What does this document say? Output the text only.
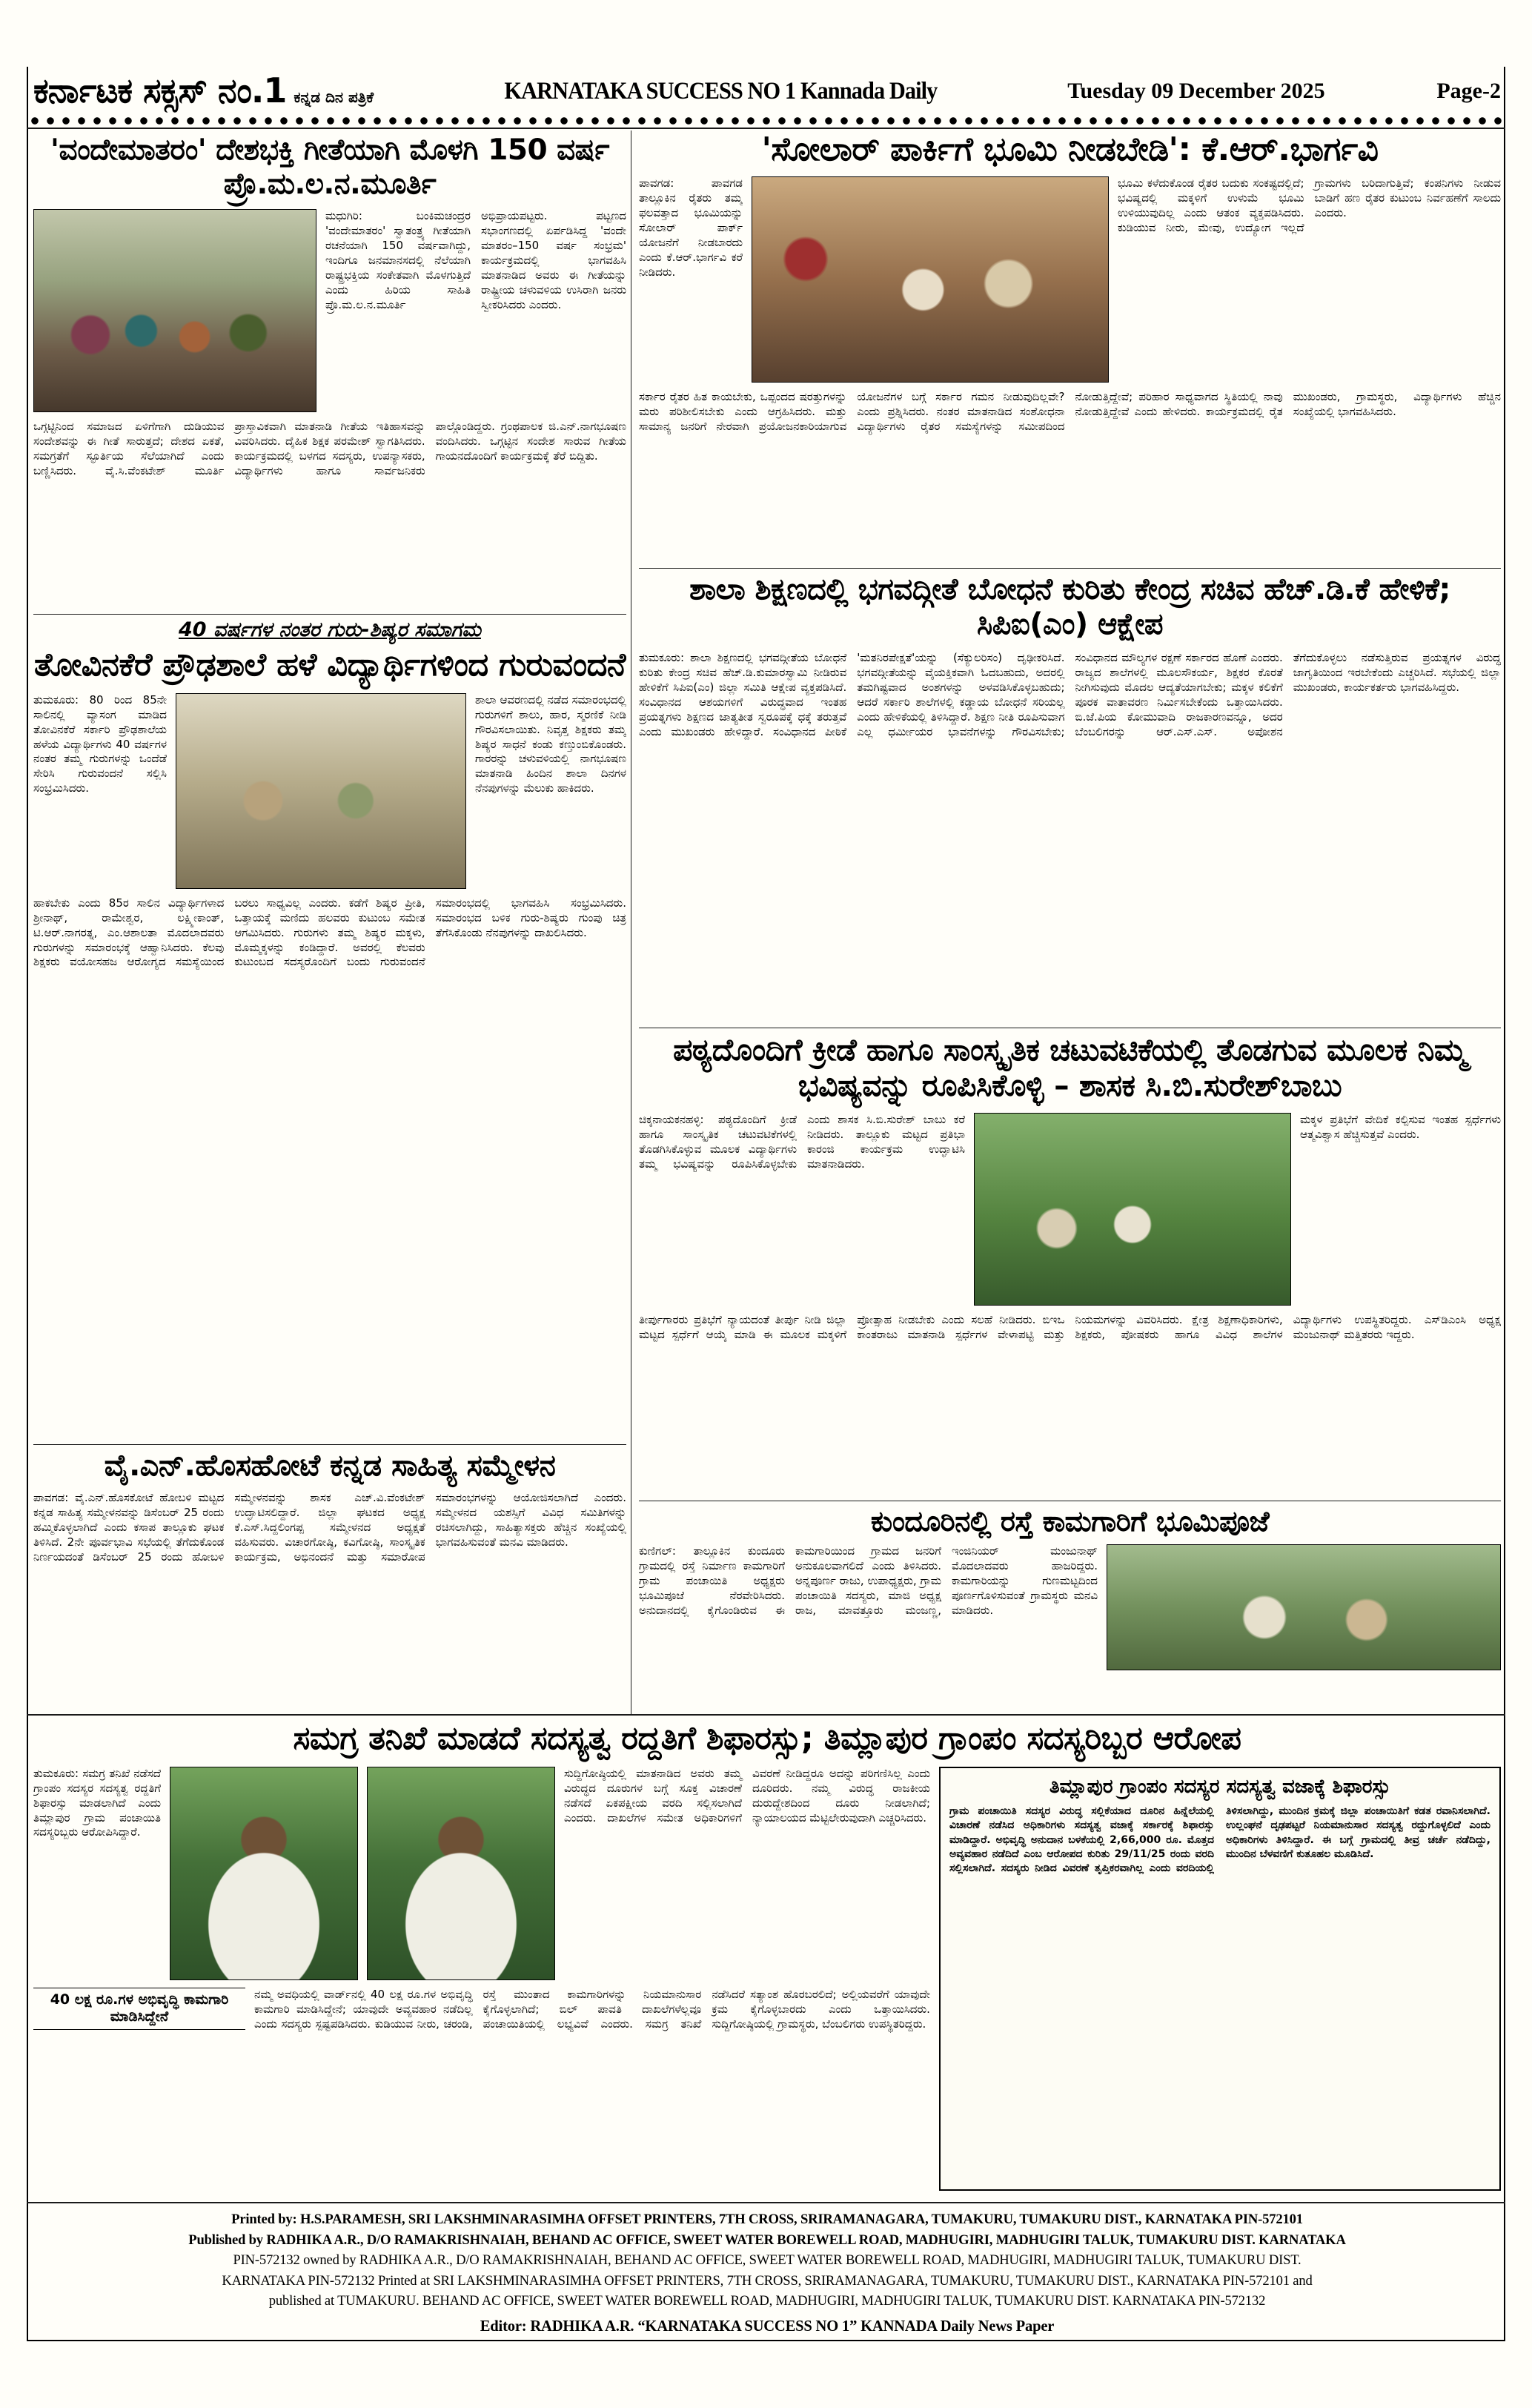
ಕರ್ನಾಟಕ ಸಕ್ಸಸ್ ನಂ.1 ಕನ್ನಡ ದಿನ ಪತ್ರಿಕೆ	KARNATAKA SUCCESS NO 1 Kannada Daily	Tuesday 09 December 2025	Page-2
'ವಂದೇಮಾತರಂ' ದೇಶಭಕ್ತಿ ಗೀತೆಯಾಗಿ ಮೊಳಗಿ 150 ವರ್ಷ ಪ್ರೊ.ಮ.ಲ.ನ.ಮೂರ್ತಿ
ಮಧುಗಿರಿ: ಬಂಕಿಮಚಂದ್ರರ 'ವಂದೇಮಾತರಂ' ಸ್ವಾತಂತ್ರ್ಯ ಗೀತೆಯಾಗಿ ರಚನೆಯಾಗಿ 150 ವರ್ಷವಾಗಿದ್ದು, ಇಂದಿಗೂ ಜನಮಾನಸದಲ್ಲಿ ನೆಲೆಯಾಗಿ ರಾಷ್ಟ್ರಭಕ್ತಿಯ ಸಂಕೇತವಾಗಿ ಮೊಳಗುತ್ತಿದೆ ಎಂದು ಹಿರಿಯ ಸಾಹಿತಿ ಪ್ರೊ.ಮ.ಲ.ನ.ಮೂರ್ತಿ ಅಭಿಪ್ರಾಯಪಟ್ಟರು. ಪಟ್ಟಣದ ಸಭಾಂಗಣದಲ್ಲಿ ಏರ್ಪಡಿಸಿದ್ದ 'ವಂದೇ ಮಾತರಂ–150 ವರ್ಷ ಸಂಭ್ರಮ' ಕಾರ್ಯಕ್ರಮದಲ್ಲಿ ಭಾಗವಹಿಸಿ ಮಾತನಾಡಿದ ಅವರು ಈ ಗೀತೆಯನ್ನು ರಾಷ್ಟ್ರೀಯ ಚಳುವಳಿಯ ಉಸಿರಾಗಿ ಜನರು ಸ್ವೀಕರಿಸಿದರು ಎಂದರು.
ಒಗ್ಗಟ್ಟಿನಿಂದ ಸಮಾಜದ ಏಳಿಗೆಗಾಗಿ ದುಡಿಯುವ ಸಂದೇಶವನ್ನು ಈ ಗೀತೆ ಸಾರುತ್ತದೆ; ದೇಶದ ಏಕತೆ, ಸಮಗ್ರತೆಗೆ ಸ್ಫೂರ್ತಿಯ ಸೆಲೆಯಾಗಿದೆ ಎಂದು ಬಣ್ಣಿಸಿದರು. ವೈ.ಸಿ.ವೆಂಕಟೇಶ್ ಮೂರ್ತಿ ಪ್ರಾಸ್ತಾವಿಕವಾಗಿ ಮಾತನಾಡಿ ಗೀತೆಯ ಇತಿಹಾಸವನ್ನು ವಿವರಿಸಿದರು. ದೈಹಿಕ ಶಿಕ್ಷಕ ಪರಮೇಶ್ ಸ್ವಾಗತಿಸಿದರು. ಕಾರ್ಯಕ್ರಮದಲ್ಲಿ ಬಳಗದ ಸದಸ್ಯರು, ಉಪನ್ಯಾಸಕರು, ವಿದ್ಯಾರ್ಥಿಗಳು ಹಾಗೂ ಸಾರ್ವಜನಿಕರು ಪಾಲ್ಗೊಂಡಿದ್ದರು. ಗ್ರಂಥಪಾಲಕ ಜಿ.ಎನ್.ನಾಗಭೂಷಣ ವಂದಿಸಿದರು. ಒಗ್ಗಟ್ಟಿನ ಸಂದೇಶ ಸಾರುವ ಗೀತೆಯ ಗಾಯನದೊಂದಿಗೆ ಕಾರ್ಯಕ್ರಮಕ್ಕೆ ತೆರೆ ಬಿದ್ದಿತು.
'ಸೋಲಾರ್ ಪಾರ್ಕಿಗೆ ಭೂಮಿ ನೀಡಬೇಡಿ': ಕೆ.ಆರ್.ಭಾರ್ಗವಿ
ಪಾವಗಡ: ಪಾವಗಡ ತಾಲ್ಲೂಕಿನ ರೈತರು ತಮ್ಮ ಫಲವತ್ತಾದ ಭೂಮಿಯನ್ನು ಸೋಲಾರ್ ಪಾರ್ಕ್ ಯೋಜನೆಗೆ ನೀಡಬಾರದು ಎಂದು ಕೆ.ಆರ್.ಭಾರ್ಗವಿ ಕರೆ ನೀಡಿದರು.
ಭೂಮಿ ಕಳೆದುಕೊಂಡ ರೈತರ ಬದುಕು ಸಂಕಷ್ಟದಲ್ಲಿದೆ; ಭವಿಷ್ಯದಲ್ಲಿ ಮಕ್ಕಳಿಗೆ ಉಳುಮೆ ಭೂಮಿ ಉಳಿಯುವುದಿಲ್ಲ ಎಂದು ಆತಂಕ ವ್ಯಕ್ತಪಡಿಸಿದರು. ಕುಡಿಯುವ ನೀರು, ಮೇವು, ಉದ್ಯೋಗ ಇಲ್ಲದೆ ಗ್ರಾಮಗಳು ಬರಿದಾಗುತ್ತಿವೆ; ಕಂಪನಿಗಳು ನೀಡುವ ಬಾಡಿಗೆ ಹಣ ರೈತರ ಕುಟುಂಬ ನಿರ್ವಹಣೆಗೆ ಸಾಲದು ಎಂದರು.
ಸರ್ಕಾರ ರೈತರ ಹಿತ ಕಾಯಬೇಕು, ಒಪ್ಪಂದದ ಷರತ್ತುಗಳನ್ನು ಮರು ಪರಿಶೀಲಿಸಬೇಕು ಎಂದು ಆಗ್ರಹಿಸಿದರು. ಮತ್ತು ಸಾಮಾನ್ಯ ಜನರಿಗೆ ನೇರವಾಗಿ ಪ್ರಯೋಜನಕಾರಿಯಾಗುವ ಯೋಜನೆಗಳ ಬಗ್ಗೆ ಸರ್ಕಾರ ಗಮನ ನೀಡುವುದಿಲ್ಲವೇ? ಎಂದು ಪ್ರಶ್ನಿಸಿದರು. ನಂತರ ಮಾತನಾಡಿದ ಸಂಶೋಧನಾ ವಿದ್ಯಾರ್ಥಿಗಳು ರೈತರ ಸಮಸ್ಯೆಗಳನ್ನು ಸಮೀಪದಿಂದ ನೋಡುತ್ತಿದ್ದೇವೆ; ಪರಿಹಾರ ಸಾಧ್ಯವಾಗದ ಸ್ಥಿತಿಯಲ್ಲಿ ನಾವು ನೋಡುತ್ತಿದ್ದೇವೆ ಎಂದು ಹೇಳಿದರು. ಕಾರ್ಯಕ್ರಮದಲ್ಲಿ ರೈತ ಮುಖಂಡರು, ಗ್ರಾಮಸ್ಥರು, ವಿದ್ಯಾರ್ಥಿಗಳು ಹೆಚ್ಚಿನ ಸಂಖ್ಯೆಯಲ್ಲಿ ಭಾಗವಹಿಸಿದರು.
ಶಾಲಾ ಶಿಕ್ಷಣದಲ್ಲಿ ಭಗವದ್ಗೀತೆ ಬೋಧನೆ ಕುರಿತು ಕೇಂದ್ರ ಸಚಿವ ಹೆಚ್.ಡಿ.ಕೆ ಹೇಳಿಕೆ; ಸಿಪಿಐ(ಎಂ) ಆಕ್ಷೇಪ
ತುಮಕೂರು: ಶಾಲಾ ಶಿಕ್ಷಣದಲ್ಲಿ ಭಗವದ್ಗೀತೆಯ ಬೋಧನೆ ಕುರಿತು ಕೇಂದ್ರ ಸಚಿವ ಹೆಚ್.ಡಿ.ಕುಮಾರಸ್ವಾಮಿ ನೀಡಿರುವ ಹೇಳಿಕೆಗೆ ಸಿಪಿಐ(ಎಂ) ಜಿಲ್ಲಾ ಸಮಿತಿ ಆಕ್ಷೇಪ ವ್ಯಕ್ತಪಡಿಸಿದೆ. ಸಂವಿಧಾನದ ಆಶಯಗಳಿಗೆ ವಿರುದ್ಧವಾದ ಇಂತಹ ಪ್ರಯತ್ನಗಳು ಶಿಕ್ಷಣದ ಜಾತ್ಯತೀತ ಸ್ವರೂಪಕ್ಕೆ ಧಕ್ಕೆ ತರುತ್ತವೆ ಎಂದು ಮುಖಂಡರು ಹೇಳಿದ್ದಾರೆ. ಸಂವಿಧಾನದ ಪೀಠಿಕೆ 'ಮತನಿರಪೇಕ್ಷತೆ'ಯನ್ನು (ಸೆಕ್ಯುಲರಿಸಂ) ದೃಢೀಕರಿಸಿದೆ. ಭಗವದ್ಗೀತೆಯನ್ನು ವೈಯಕ್ತಿಕವಾಗಿ ಓದಬಹುದು, ಅದರಲ್ಲಿ ತಮಗಿಷ್ಟವಾದ ಅಂಶಗಳನ್ನು ಅಳವಡಿಸಿಕೊಳ್ಳಬಹುದು; ಆದರೆ ಸರ್ಕಾರಿ ಶಾಲೆಗಳಲ್ಲಿ ಕಡ್ಡಾಯ ಬೋಧನೆ ಸರಿಯಲ್ಲ ಎಂದು ಹೇಳಿಕೆಯಲ್ಲಿ ತಿಳಿಸಿದ್ದಾರೆ. ಶಿಕ್ಷಣ ನೀತಿ ರೂಪಿಸುವಾಗ ಎಲ್ಲ ಧರ್ಮೀಯರ ಭಾವನೆಗಳನ್ನು ಗೌರವಿಸಬೇಕು; ಸಂವಿಧಾನದ ಮೌಲ್ಯಗಳ ರಕ್ಷಣೆ ಸರ್ಕಾರದ ಹೊಣೆ ಎಂದರು. ರಾಜ್ಯದ ಶಾಲೆಗಳಲ್ಲಿ ಮೂಲಸೌಕರ್ಯ, ಶಿಕ್ಷಕರ ಕೊರತೆ ನೀಗಿಸುವುದು ಮೊದಲ ಆದ್ಯತೆಯಾಗಬೇಕು; ಮಕ್ಕಳ ಕಲಿಕೆಗೆ ಪೂರಕ ವಾತಾವರಣ ನಿರ್ಮಿಸಬೇಕೆಂದು ಒತ್ತಾಯಿಸಿದರು. ಬಿ.ಜೆ.ಪಿಯ ಕೋಮುವಾದಿ ರಾಜಕಾರಣವನ್ನೂ, ಅದರ ಬೆಂಬಲಿಗರನ್ನು ಆರ್.ಎಸ್.ಎಸ್. ಅಪೋಶನ ತೆಗೆದುಕೊಳ್ಳಲು ನಡೆಸುತ್ತಿರುವ ಪ್ರಯತ್ನಗಳ ವಿರುದ್ಧ ಜಾಗೃತಿಯಿಂದ ಇರಬೇಕೆಂದು ಎಚ್ಚರಿಸಿದೆ. ಸಭೆಯಲ್ಲಿ ಜಿಲ್ಲಾ ಮುಖಂಡರು, ಕಾರ್ಯಕರ್ತರು ಭಾಗವಹಿಸಿದ್ದರು.
40 ವರ್ಷಗಳ ನಂತರ ಗುರು-ಶಿಷ್ಯರ ಸಮಾಗಮ
ತೋವಿನಕೆರೆ ಪ್ರೌಢಶಾಲೆ ಹಳೆ ವಿದ್ಯಾರ್ಥಿಗಳಿಂದ ಗುರುವಂದನೆ
ತುಮಕೂರು: 80 ರಿಂದ 85ನೇ ಸಾಲಿನಲ್ಲಿ ವ್ಯಾಸಂಗ ಮಾಡಿದ ತೋವಿನಕೆರೆ ಸರ್ಕಾರಿ ಪ್ರೌಢಶಾಲೆಯ ಹಳೆಯ ವಿದ್ಯಾರ್ಥಿಗಳು 40 ವರ್ಷಗಳ ನಂತರ ತಮ್ಮ ಗುರುಗಳನ್ನು ಒಂದೆಡೆ ಸೇರಿಸಿ ಗುರುವಂದನೆ ಸಲ್ಲಿಸಿ ಸಂಭ್ರಮಿಸಿದರು.
ಶಾಲಾ ಆವರಣದಲ್ಲಿ ನಡೆದ ಸಮಾರಂಭದಲ್ಲಿ ಗುರುಗಳಿಗೆ ಶಾಲು, ಹಾರ, ಸ್ಮರಣಿಕೆ ನೀಡಿ ಗೌರವಿಸಲಾಯಿತು. ನಿವೃತ್ತ ಶಿಕ್ಷಕರು ತಮ್ಮ ಶಿಷ್ಯರ ಸಾಧನೆ ಕಂಡು ಕಣ್ತುಂಬಿಕೊಂಡರು. ಗಾರರನ್ನು ಚಳುವಳಿಯಲ್ಲಿ ನಾಗಭೂಷಣ ಮಾತನಾಡಿ ಹಿಂದಿನ ಶಾಲಾ ದಿನಗಳ ನೆನಪುಗಳನ್ನು ಮೆಲುಕು ಹಾಕಿದರು.
ಹಾಕಬೇಕು ಎಂದು 85ರ ಸಾಲಿನ ವಿದ್ಯಾರ್ಥಿಗಳಾದ ಶ್ರೀನಾಥ್, ರಾಮೇಶ್ವರ, ಲಕ್ಷ್ಮೀಕಾಂತ್, ಟಿ.ಆರ್.ನಾಗರತ್ನ, ಎಂ.ಆಶಾಲತಾ ಮೊದಲಾದವರು ಗುರುಗಳನ್ನು ಸಮಾರಂಭಕ್ಕೆ ಆಹ್ವಾನಿಸಿದರು. ಕೆಲವು ಶಿಕ್ಷಕರು ವಯೋಸಹಜ ಆರೋಗ್ಯದ ಸಮಸ್ಯೆಯಿಂದ ಬರಲು ಸಾಧ್ಯವಿಲ್ಲ ಎಂದರು. ಕಡೆಗೆ ಶಿಷ್ಯರ ಪ್ರೀತಿ, ಒತ್ತಾಯಕ್ಕೆ ಮಣಿದು ಹಲವರು ಕುಟುಂಬ ಸಮೇತ ಆಗಮಿಸಿದರು. ಗುರುಗಳು ತಮ್ಮ ಶಿಷ್ಯರ ಮಕ್ಕಳು, ಮೊಮ್ಮಕ್ಕಳನ್ನು ಕಂಡಿದ್ದಾರೆ. ಅವರಲ್ಲಿ ಕೆಲವರು ಕುಟುಂಬದ ಸದಸ್ಯರೊಂದಿಗೆ ಬಂದು ಗುರುವಂದನೆ ಸಮಾರಂಭದಲ್ಲಿ ಭಾಗವಹಿಸಿ ಸಂಭ್ರಮಿಸಿದರು. ಸಮಾರಂಭದ ಬಳಿಕ ಗುರು-ಶಿಷ್ಯರು ಗುಂಪು ಚಿತ್ರ ತೆಗೆಸಿಕೊಂಡು ನೆನಪುಗಳನ್ನು ದಾಖಲಿಸಿದರು.
ಪಠ್ಯದೊಂದಿಗೆ ಕ್ರೀಡೆ ಹಾಗೂ ಸಾಂಸ್ಕೃತಿಕ ಚಟುವಟಿಕೆಯಲ್ಲಿ ತೊಡಗುವ ಮೂಲಕ ನಿಮ್ಮ ಭವಿಷ್ಯವನ್ನು ರೂಪಿಸಿಕೊಳ್ಳಿ – ಶಾಸಕ ಸಿ.ಬಿ.ಸುರೇಶ್‌ಬಾಬು
ಚಿಕ್ಕನಾಯಕನಹಳ್ಳಿ: ಪಠ್ಯದೊಂದಿಗೆ ಕ್ರೀಡೆ ಹಾಗೂ ಸಾಂಸ್ಕೃತಿಕ ಚಟುವಟಿಕೆಗಳಲ್ಲಿ ತೊಡಗಿಸಿಕೊಳ್ಳುವ ಮೂಲಕ ವಿದ್ಯಾರ್ಥಿಗಳು ತಮ್ಮ ಭವಿಷ್ಯವನ್ನು ರೂಪಿಸಿಕೊಳ್ಳಬೇಕು ಎಂದು ಶಾಸಕ ಸಿ.ಬಿ.ಸುರೇಶ್ ಬಾಬು ಕರೆ ನೀಡಿದರು. ತಾಲ್ಲೂಕು ಮಟ್ಟದ ಪ್ರತಿಭಾ ಕಾರಂಜಿ ಕಾರ್ಯಕ್ರಮ ಉದ್ಘಾಟಿಸಿ ಮಾತನಾಡಿದರು.
ಮಕ್ಕಳ ಪ್ರತಿಭೆಗೆ ವೇದಿಕೆ ಕಲ್ಪಿಸುವ ಇಂತಹ ಸ್ಪರ್ಧೆಗಳು ಆತ್ಮವಿಶ್ವಾಸ ಹೆಚ್ಚಿಸುತ್ತವೆ ಎಂದರು.
ತೀರ್ಪುಗಾರರು ಪ್ರತಿಭೆಗೆ ನ್ಯಾಯದಂತೆ ತೀರ್ಪು ನೀಡಿ ಜಿಲ್ಲಾ ಮಟ್ಟದ ಸ್ಪರ್ಧೆಗೆ ಆಯ್ಕೆ ಮಾಡಿ ಈ ಮೂಲಕ ಮಕ್ಕಳಿಗೆ ಪ್ರೋತ್ಸಾಹ ನೀಡಬೇಕು ಎಂದು ಸಲಹೆ ನೀಡಿದರು. ಬಿಇಒ ಕಾಂತರಾಜು ಮಾತನಾಡಿ ಸ್ಪರ್ಧೆಗಳ ವೇಳಾಪಟ್ಟಿ ಮತ್ತು ನಿಯಮಗಳನ್ನು ವಿವರಿಸಿದರು. ಕ್ಷೇತ್ರ ಶಿಕ್ಷಣಾಧಿಕಾರಿಗಳು, ಶಿಕ್ಷಕರು, ಪೋಷಕರು ಹಾಗೂ ವಿವಿಧ ಶಾಲೆಗಳ ವಿದ್ಯಾರ್ಥಿಗಳು ಉಪಸ್ಥಿತರಿದ್ದರು. ಎಸ್‌ಡಿಎಂಸಿ ಅಧ್ಯಕ್ಷ ಮಂಜುನಾಥ್ ಮತ್ತಿತರರು ಇದ್ದರು.
ವೈ.ಎನ್.ಹೊಸಹೋಟೆ ಕನ್ನಡ ಸಾಹಿತ್ಯ ಸಮ್ಮೇಳನ
ಪಾವಗಡ: ವೈ.ಎನ್.ಹೊಸಕೋಟೆ ಹೋಬಳಿ ಮಟ್ಟದ ಕನ್ನಡ ಸಾಹಿತ್ಯ ಸಮ್ಮೇಳನವನ್ನು ಡಿಸೆಂಬರ್ 25 ರಂದು ಹಮ್ಮಿಕೊಳ್ಳಲಾಗಿದೆ ಎಂದು ಕಸಾಪ ತಾಲ್ಲೂಕು ಘಟಕ ತಿಳಿಸಿದೆ. 2ನೇ ಪೂರ್ವಭಾವಿ ಸಭೆಯಲ್ಲಿ ತೆಗೆದುಕೊಂಡ ನಿರ್ಣಯದಂತೆ ಡಿಸೆಂಬರ್ 25 ರಂದು ಹೋಬಳಿ ಸಮ್ಮೇಳನವನ್ನು ಶಾಸಕ ಎಚ್.ವಿ.ವೆಂಕಟೇಶ್ ಉದ್ಘಾಟಿಸಲಿದ್ದಾರೆ. ಜಿಲ್ಲಾ ಘಟಕದ ಅಧ್ಯಕ್ಷ ಕೆ.ಎಸ್.ಸಿದ್ದಲಿಂಗಪ್ಪ ಸಮ್ಮೇಳನದ ಅಧ್ಯಕ್ಷತೆ ವಹಿಸುವರು. ವಿಚಾರಗೋಷ್ಠಿ, ಕವಿಗೋಷ್ಠಿ, ಸಾಂಸ್ಕೃತಿಕ ಕಾರ್ಯಕ್ರಮ, ಅಭಿನಂದನೆ ಮತ್ತು ಸಮಾರೋಪ ಸಮಾರಂಭಗಳನ್ನು ಆಯೋಜಿಸಲಾಗಿದೆ ಎಂದರು. ಸಮ್ಮೇಳನದ ಯಶಸ್ಸಿಗೆ ವಿವಿಧ ಸಮಿತಿಗಳನ್ನು ರಚಿಸಲಾಗಿದ್ದು, ಸಾಹಿತ್ಯಾಸಕ್ತರು ಹೆಚ್ಚಿನ ಸಂಖ್ಯೆಯಲ್ಲಿ ಭಾಗವಹಿಸುವಂತೆ ಮನವಿ ಮಾಡಿದರು.
ಕುಂದೂರಿನಲ್ಲಿ ರಸ್ತೆ ಕಾಮಗಾರಿಗೆ ಭೂಮಿಪೂಜೆ
ಕುಣಿಗಲ್: ತಾಲ್ಲೂಕಿನ ಕುಂದೂರು ಗ್ರಾಮದಲ್ಲಿ ರಸ್ತೆ ನಿರ್ಮಾಣ ಕಾಮಗಾರಿಗೆ ಗ್ರಾಮ ಪಂಚಾಯಿತಿ ಅಧ್ಯಕ್ಷರು ಭೂಮಿಪೂಜೆ ನೆರವೇರಿಸಿದರು. ಅನುದಾನದಲ್ಲಿ ಕೈಗೊಂಡಿರುವ ಈ ಕಾಮಗಾರಿಯಿಂದ ಗ್ರಾಮದ ಜನರಿಗೆ ಅನುಕೂಲವಾಗಲಿದೆ ಎಂದು ತಿಳಿಸಿದರು. ಅನ್ನಪೂರ್ಣ ರಾಜು, ಉಪಾಧ್ಯಕ್ಷರು, ಗ್ರಾಮ ಪಂಚಾಯಿತಿ ಸದಸ್ಯರು, ಮಾಜಿ ಅಧ್ಯಕ್ಷ ರಾಜ, ಮಾವತ್ತೂರು ಮಂಜಣ್ಣ, ಇಂಜಿನಿಯರ್ ಮಂಜುನಾಥ್ ಮೊದಲಾದವರು ಹಾಜರಿದ್ದರು. ಕಾಮಗಾರಿಯನ್ನು ಗುಣಮಟ್ಟದಿಂದ ಪೂರ್ಣಗೊಳಿಸುವಂತೆ ಗ್ರಾಮಸ್ಥರು ಮನವಿ ಮಾಡಿದರು.
ಸಮಗ್ರ ತನಿಖೆ ಮಾಡದೆ ಸದಸ್ಯತ್ವ ರದ್ದತಿಗೆ ಶಿಫಾರಸ್ಸು; ತಿಮ್ಲಾಪುರ ಗ್ರಾಂಪಂ ಸದಸ್ಯರಿಬ್ಬರ ಆರೋಪ
ತುಮಕೂರು: ಸಮಗ್ರ ತನಿಖೆ ನಡೆಸದೆ ಗ್ರಾಂಪಂ ಸದಸ್ಯರ ಸದಸ್ಯತ್ವ ರದ್ದತಿಗೆ ಶಿಫಾರಸ್ಸು ಮಾಡಲಾಗಿದೆ ಎಂದು ತಿಮ್ಲಾಪುರ ಗ್ರಾಮ ಪಂಚಾಯಿತಿ ಸದಸ್ಯರಿಬ್ಬರು ಆರೋಪಿಸಿದ್ದಾರೆ.
ಸುದ್ದಿಗೋಷ್ಠಿಯಲ್ಲಿ ಮಾತನಾಡಿದ ಅವರು ತಮ್ಮ ವಿರುದ್ಧದ ದೂರುಗಳ ಬಗ್ಗೆ ಸೂಕ್ತ ವಿಚಾರಣೆ ನಡೆಸದೆ ಏಕಪಕ್ಷೀಯ ವರದಿ ಸಲ್ಲಿಸಲಾಗಿದೆ ಎಂದರು. ದಾಖಲೆಗಳ ಸಮೇತ ಅಧಿಕಾರಿಗಳಿಗೆ ವಿವರಣೆ ನೀಡಿದ್ದರೂ ಅದನ್ನು ಪರಿಗಣಿಸಿಲ್ಲ ಎಂದು ದೂರಿದರು. ನಮ್ಮ ವಿರುದ್ಧ ರಾಜಕೀಯ ದುರುದ್ದೇಶದಿಂದ ದೂರು ನೀಡಲಾಗಿದೆ; ನ್ಯಾಯಾಲಯದ ಮೆಟ್ಟಿಲೇರುವುದಾಗಿ ಎಚ್ಚರಿಸಿದರು.
40 ಲಕ್ಷ ರೂ.ಗಳ ಅಭಿವೃದ್ಧಿ ಕಾಮಗಾರಿ ಮಾಡಿಸಿದ್ದೇನೆ
ನಮ್ಮ ಅವಧಿಯಲ್ಲಿ ವಾರ್ಡ್‌ನಲ್ಲಿ 40 ಲಕ್ಷ ರೂ.ಗಳ ಅಭಿವೃದ್ಧಿ ಕಾಮಗಾರಿ ಮಾಡಿಸಿದ್ದೇನೆ; ಯಾವುದೇ ಅವ್ಯವಹಾರ ನಡೆದಿಲ್ಲ ಎಂದು ಸದಸ್ಯರು ಸ್ಪಷ್ಟಪಡಿಸಿದರು. ಕುಡಿಯುವ ನೀರು, ಚರಂಡಿ, ರಸ್ತೆ ಮುಂತಾದ ಕಾಮಗಾರಿಗಳನ್ನು ನಿಯಮಾನುಸಾರ ಕೈಗೊಳ್ಳಲಾಗಿದೆ; ಬಿಲ್ ಪಾವತಿ ದಾಖಲೆಗಳೆಲ್ಲವೂ ಪಂಚಾಯಿತಿಯಲ್ಲಿ ಲಭ್ಯವಿವೆ ಎಂದರು. ಸಮಗ್ರ ತನಿಖೆ ನಡೆಸಿದರೆ ಸತ್ಯಾಂಶ ಹೊರಬರಲಿದೆ; ಅಲ್ಲಿಯವರೆಗೆ ಯಾವುದೇ ಕ್ರಮ ಕೈಗೊಳ್ಳಬಾರದು ಎಂದು ಒತ್ತಾಯಿಸಿದರು. ಸುದ್ದಿಗೋಷ್ಠಿಯಲ್ಲಿ ಗ್ರಾಮಸ್ಥರು, ಬೆಂಬಲಿಗರು ಉಪಸ್ಥಿತರಿದ್ದರು.
ತಿಮ್ಲಾಪುರ ಗ್ರಾಂಪಂ ಸದಸ್ಯರ ಸದಸ್ಯತ್ವ ವಜಾಕ್ಕೆ ಶಿಫಾರಸ್ಸು
ಗ್ರಾಮ ಪಂಚಾಯಿತಿ ಸದಸ್ಯರ ವಿರುದ್ಧ ಸಲ್ಲಿಕೆಯಾದ ದೂರಿನ ಹಿನ್ನೆಲೆಯಲ್ಲಿ ವಿಚಾರಣೆ ನಡೆಸಿದ ಅಧಿಕಾರಿಗಳು ಸದಸ್ಯತ್ವ ವಜಾಕ್ಕೆ ಸರ್ಕಾರಕ್ಕೆ ಶಿಫಾರಸ್ಸು ಮಾಡಿದ್ದಾರೆ. ಅಭಿವೃದ್ಧಿ ಅನುದಾನ ಬಳಕೆಯಲ್ಲಿ 2,66,000 ರೂ. ಮೊತ್ತದ ಅವ್ಯವಹಾರ ನಡೆದಿದೆ ಎಂಬ ಆರೋಪದ ಕುರಿತು 29/11/25 ರಂದು ವರದಿ ಸಲ್ಲಿಸಲಾಗಿದೆ. ಸದಸ್ಯರು ನೀಡಿದ ವಿವರಣೆ ತೃಪ್ತಿಕರವಾಗಿಲ್ಲ ಎಂದು ವರದಿಯಲ್ಲಿ ತಿಳಿಸಲಾಗಿದ್ದು, ಮುಂದಿನ ಕ್ರಮಕ್ಕೆ ಜಿಲ್ಲಾ ಪಂಚಾಯಿತಿಗೆ ಕಡತ ರವಾನಿಸಲಾಗಿದೆ. ಉಲ್ಲಂಘನೆ ದೃಢಪಟ್ಟರೆ ನಿಯಮಾನುಸಾರ ಸದಸ್ಯತ್ವ ರದ್ದುಗೊಳ್ಳಲಿದೆ ಎಂದು ಅಧಿಕಾರಿಗಳು ತಿಳಿಸಿದ್ದಾರೆ. ಈ ಬಗ್ಗೆ ಗ್ರಾಮದಲ್ಲಿ ತೀವ್ರ ಚರ್ಚೆ ನಡೆದಿದ್ದು, ಮುಂದಿನ ಬೆಳವಣಿಗೆ ಕುತೂಹಲ ಮೂಡಿಸಿದೆ.
Printed by: H.S.PARAMESH, SRI LAKSHMINARASIMHA OFFSET PRINTERS, 7TH CROSS, SRIRAMANAGARA, TUMAKURU, TUMAKURU DIST., KARNATAKA PIN-572101
Published by RADHIKA A.R., D/O RAMAKRISHNAIAH, BEHAND AC OFFICE, SWEET WATER BOREWELL ROAD, MADHUGIRI, MADHUGIRI TALUK, TUMAKURU DIST. KARNATAKA
PIN-572132 owned by RADHIKA A.R., D/O RAMAKRISHNAIAH, BEHAND AC OFFICE, SWEET WATER BOREWELL ROAD, MADHUGIRI, MADHUGIRI TALUK, TUMAKURU DIST.
KARNATAKA PIN-572132 Printed at SRI LAKSHMINARASIMHA OFFSET PRINTERS, 7TH CROSS, SRIRAMANAGARA, TUMAKURU, TUMAKURU DIST., KARNATAKA PIN-572101 and
published at TUMAKURU. BEHAND AC OFFICE, SWEET WATER BOREWELL ROAD, MADHUGIRI, MADHUGIRI TALUK, TUMAKURU DIST. KARNATAKA PIN-572132
Editor: RADHIKA A.R. “KARNATAKA SUCCESS NO 1” KANNADA Daily News Paper
